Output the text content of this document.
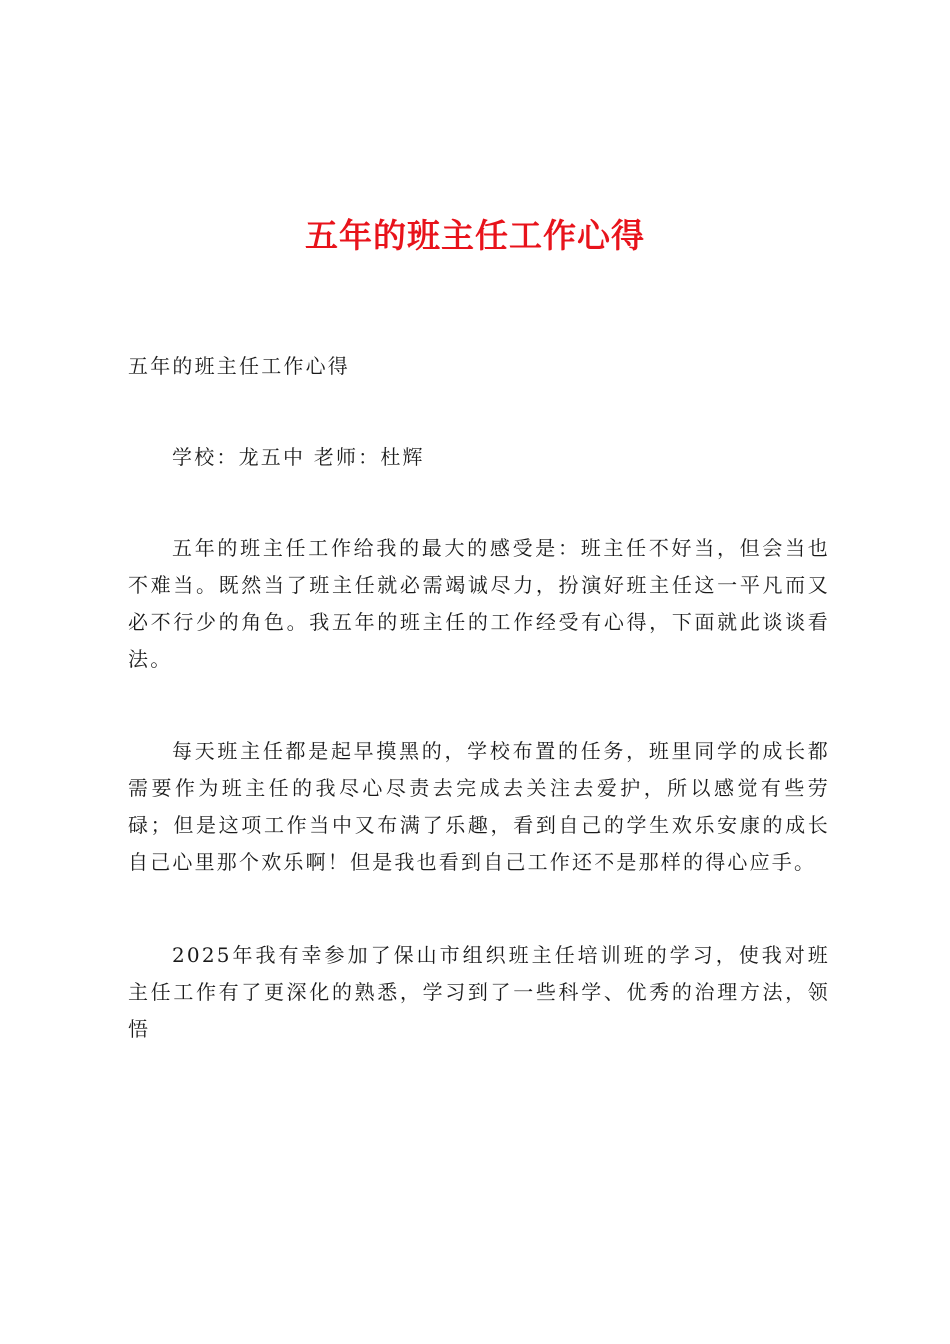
五年的班主任工作心得

五年的班主任工作心得

学校：龙五中 老师：杜辉

五年的班主任工作给我的最大的感受是：班主任不好当，但会当也不难当。既然当了班主任就必需竭诚尽力，扮演好班主任这一平凡而又必不行少的角色。我五年的班主任的工作经受有心得，下面就此谈谈看法。

每天班主任都是起早摸黑的，学校布置的任务，班里同学的成长都需要作为班主任的我尽心尽责去完成去关注去爱护，所以感觉有些劳碌；但是这项工作当中又布满了乐趣，看到自己的学生欢乐安康的成长自己心里那个欢乐啊！但是我也看到自己工作还不是那样的得心应手。

2025年我有幸参加了保山市组织班主任培训班的学习，使我对班主任工作有了更深化的熟悉，学习到了一些科学、优秀的治理方法，领悟
